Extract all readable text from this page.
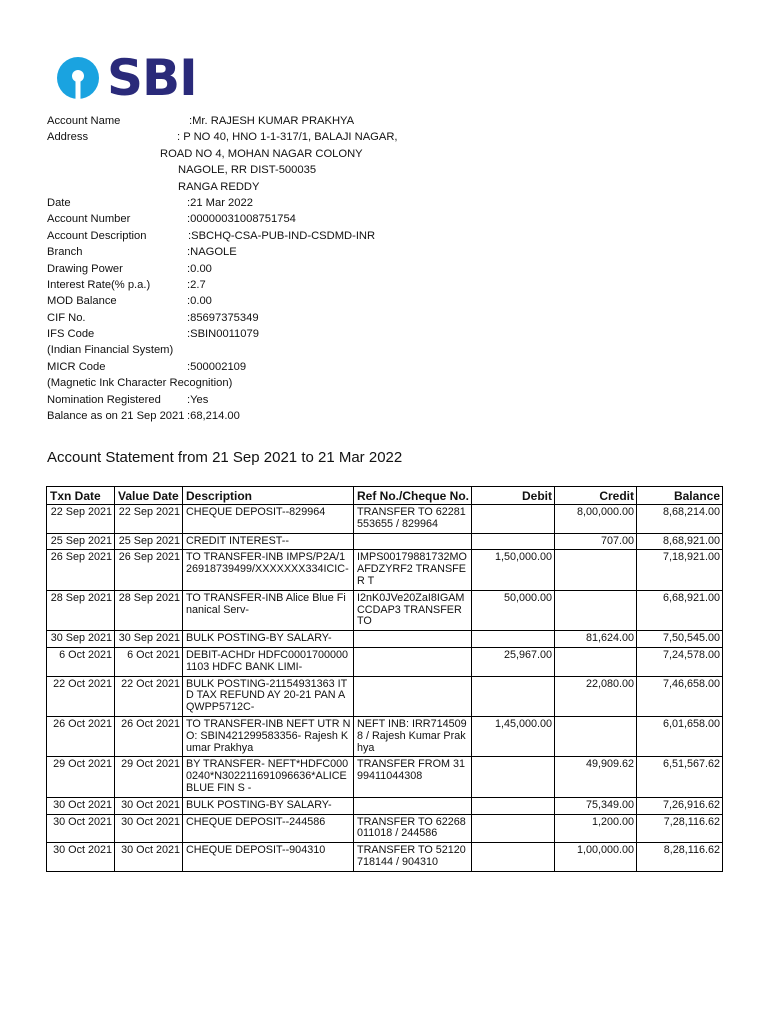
SBI
Account Name	:Mr. RAJESH KUMAR PRAKHYA
Address	: P NO 40, HNO 1-1-317/1, BALAJI NAGAR,
ROAD NO 4, MOHAN NAGAR COLONY
NAGOLE, RR DIST-500035
RANGA REDDY
Date	:21 Mar 2022
Account Number	:00000031008751754
Account Description	:SBCHQ-CSA-PUB-IND-CSDMD-INR
Branch	:NAGOLE
Drawing Power	:0.00
Interest Rate(% p.a.)	:2.7
MOD Balance	:0.00
CIF No.	:85697375349
IFS Code	:SBIN0011079
(Indian Financial System)
MICR Code	:500002109
(Magnetic Ink Character Recognition)
Nomination Registered :Yes
Balance as on 21 Sep 2021 :68,214.00
Account Statement from 21 Sep 2021 to 21 Mar 2022
Txn Date	Value Date	Description	Ref No./Cheque No.	Debit	Credit	Balance
22 Sep 2021	22 Sep 2021	CHEQUE DEPOSIT--829964	TRANSFER TO 62281553655 / 829964		8,00,000.00	8,68,214.00
25 Sep 2021	25 Sep 2021	CREDIT INTEREST--			707.00	8,68,921.00
26 Sep 2021	26 Sep 2021	TO TRANSFER-INB IMPS/P2A/126918739499/XXXXXXX334ICIC-	IMPS00179881732MOAFDZYRF2 TRANSFER T	1,50,000.00		7,18,921.00
28 Sep 2021	28 Sep 2021	TO TRANSFER-INB Alice Blue Finanical Serv-	I2nK0JVe20ZaI8IGAMCCDAP3 TRANSFER TO	50,000.00		6,68,921.00
30 Sep 2021	30 Sep 2021	BULK POSTING-BY SALARY-			81,624.00	7,50,545.00
6 Oct 2021	6 Oct 2021	DEBIT-ACHDr HDFC00017000001103 HDFC BANK LIMI-		25,967.00		7,24,578.00
22 Oct 2021	22 Oct 2021	BULK POSTING-21154931363 ITD TAX REFUND AY 20-21 PAN AQWPP5712C-			22,080.00	7,46,658.00
26 Oct 2021	26 Oct 2021	TO TRANSFER-INB NEFT UTR NO: SBIN421299583356- Rajesh Kumar Prakhya	NEFT INB: IRR7145098 / Rajesh Kumar Prakhya	1,45,000.00		6,01,658.00
29 Oct 2021	29 Oct 2021	BY TRANSFER- NEFT*HDFC0000240*N302211691096636*ALICE BLUE FIN S -	TRANSFER FROM 3199411044308		49,909.62	6,51,567.62
30 Oct 2021	30 Oct 2021	BULK POSTING-BY SALARY-			75,349.00	7,26,916.62
30 Oct 2021	30 Oct 2021	CHEQUE DEPOSIT--244586	TRANSFER TO 62268011018 / 244586		1,200.00	7,28,116.62
30 Oct 2021	30 Oct 2021	CHEQUE DEPOSIT--904310	TRANSFER TO 52120718144 / 904310		1,00,000.00	8,28,116.62
